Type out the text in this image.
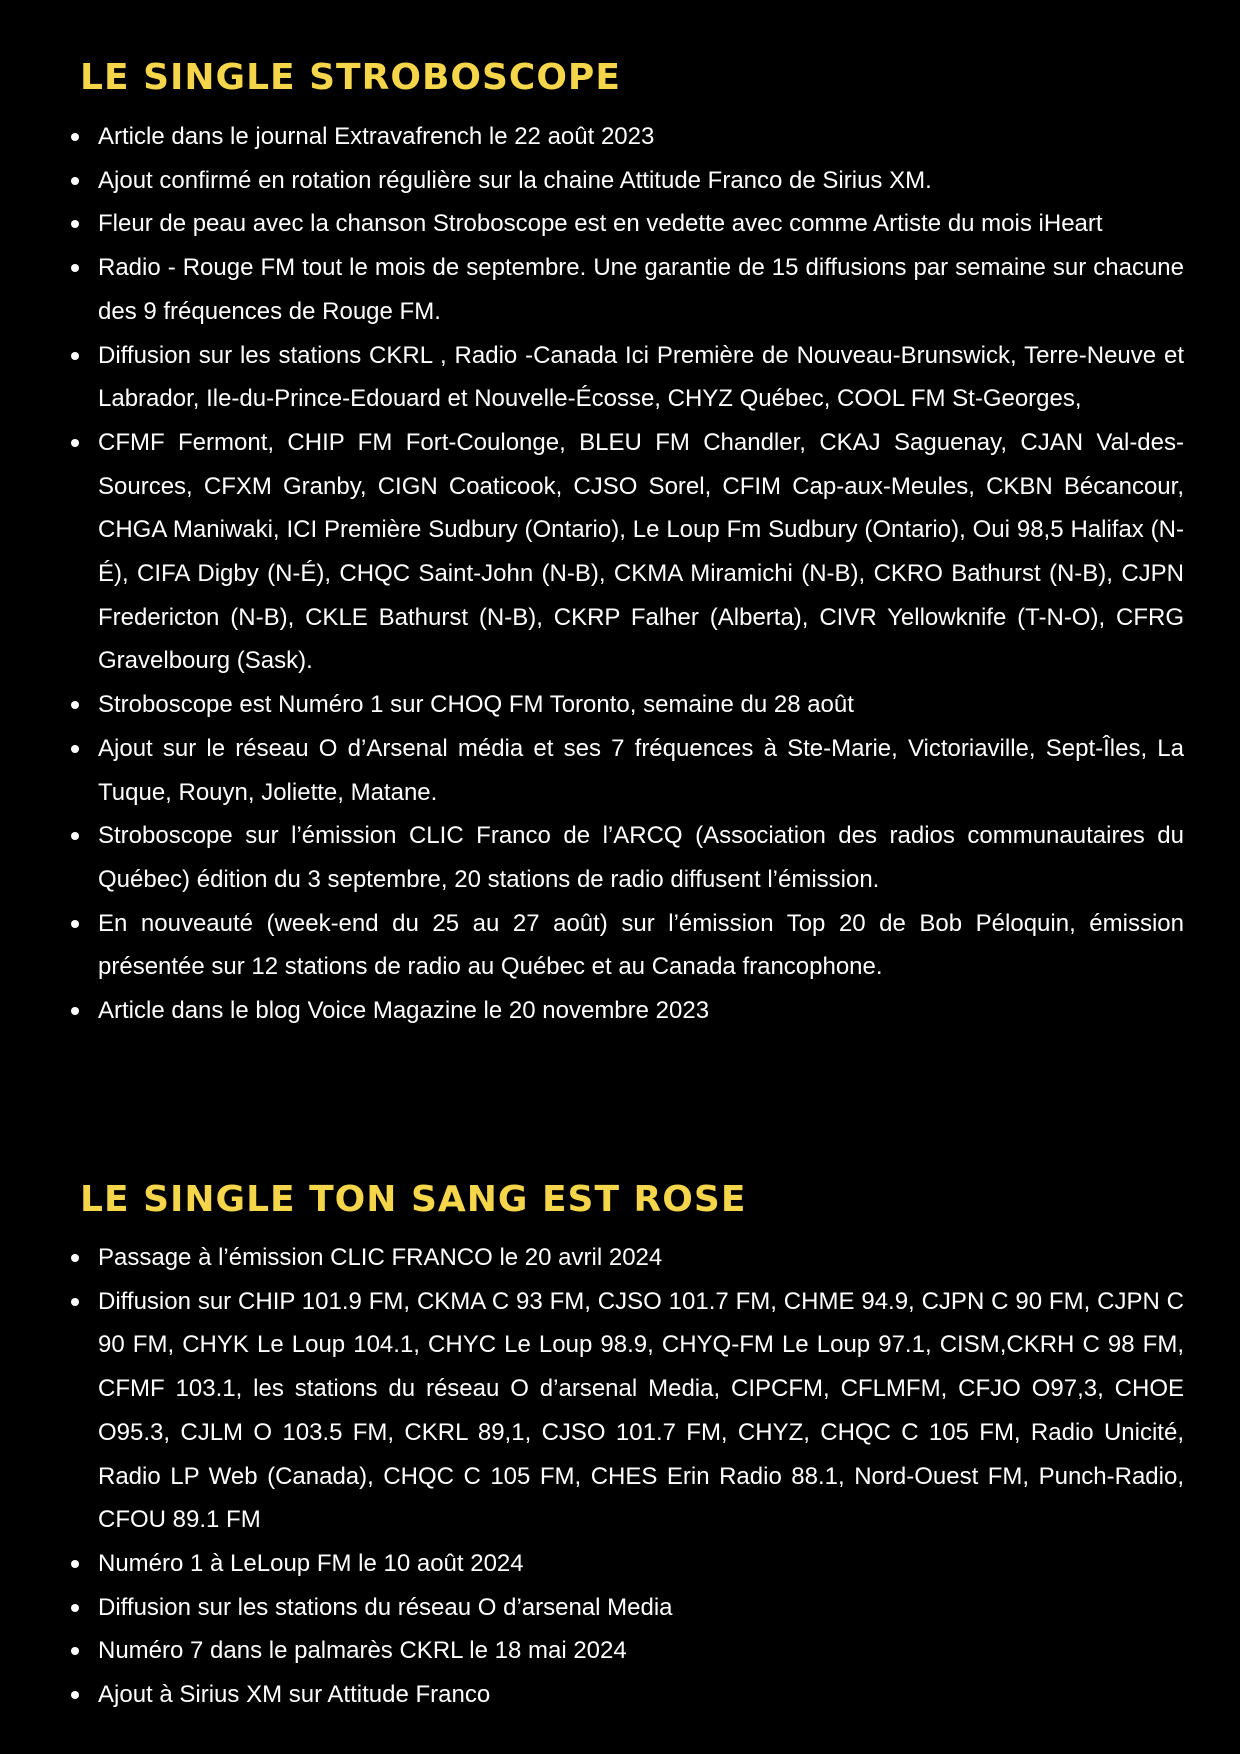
LE SINGLE STROBOSCOPE
Article dans le journal Extravafrench le 22 août 2023
Ajout confirmé en rotation régulière sur la chaine Attitude Franco de Sirius XM.
Fleur de peau avec la chanson Stroboscope est en vedette avec comme Artiste du mois iHeart
Radio - Rouge FM tout le mois de septembre. Une garantie de 15 diffusions par semaine sur chacune des 9 fréquences de Rouge FM.
Diffusion sur les stations CKRL , Radio -Canada Ici Première de Nouveau-Brunswick, Terre-Neuve et Labrador, Ile-du-Prince-Edouard et Nouvelle-Écosse, CHYZ Québec, COOL FM St-Georges,
CFMF Fermont, CHIP FM Fort-Coulonge, BLEU FM Chandler, CKAJ Saguenay, CJAN Val-des-Sources, CFXM Granby, CIGN Coaticook, CJSO Sorel, CFIM Cap-aux-Meules, CKBN Bécancour, CHGA Maniwaki, ICI Première Sudbury (Ontario), Le Loup Fm Sudbury (Ontario), Oui 98,5 Halifax (N-É), CIFA Digby (N-É), CHQC Saint-John (N-B), CKMA Miramichi (N-B), CKRO Bathurst (N-B), CJPN Fredericton (N-B), CKLE Bathurst (N-B), CKRP Falher (Alberta), CIVR Yellowknife (T-N-O), CFRG Gravelbourg (Sask).
Stroboscope est Numéro 1 sur CHOQ FM Toronto, semaine du 28 août
Ajout sur le réseau O d’Arsenal média et ses 7 fréquences à Ste-Marie, Victoriaville, Sept-Îles, La Tuque, Rouyn, Joliette, Matane.
Stroboscope sur l’émission CLIC Franco de l’ARCQ (Association des radios communautaires du Québec) édition du 3 septembre, 20 stations de radio diffusent l’émission.
En nouveauté (week-end du 25 au 27 août) sur l’émission Top 20 de Bob Péloquin, émission présentée sur 12 stations de radio au Québec et au Canada francophone.
Article dans le blog Voice Magazine le 20 novembre 2023
LE SINGLE TON SANG EST ROSE
Passage à l’émission CLIC FRANCO le 20 avril 2024
Diffusion sur CHIP 101.9 FM, CKMA C 93 FM, CJSO 101.7 FM, CHME 94.9, CJPN C 90 FM, CJPN C 90 FM, CHYK Le Loup 104.1, CHYC Le Loup 98.9, CHYQ-FM Le Loup 97.1, CISM,CKRH C 98 FM, CFMF 103.1, les stations du réseau O d’arsenal Media, CIPCFM, CFLMFM, CFJO O97,3, CHOE O95.3, CJLM O 103.5 FM, CKRL 89,1, CJSO 101.7 FM, CHYZ, CHQC C 105 FM, Radio Unicité, Radio LP Web (Canada), CHQC C 105 FM, CHES Erin Radio 88.1, Nord-Ouest FM, Punch-Radio, CFOU 89.1 FM
Numéro 1 à LeLoup FM le 10 août 2024
Diffusion sur les stations du réseau O d’arsenal Media
Numéro 7 dans le palmarès CKRL le 18 mai 2024
Ajout à Sirius XM sur Attitude Franco
